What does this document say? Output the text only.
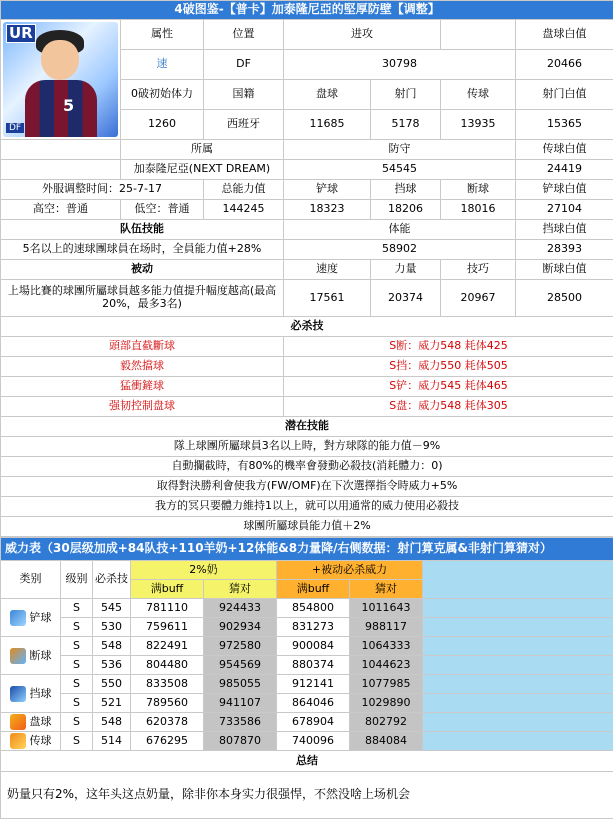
4破图鉴-【普卡】加泰隆尼亞的堅厚防壁【调整】						

5
UR
DF	属性	位置	进攻			盘球白值
	速	DF	30798			20466
	0破初始体力	国籍	盘球	射门	传球	射门白值
	1260	西班牙	11685	5178	13935	15365
	所属		防守			传球白值
	加泰隆尼亞(NEXT DREAM)		54545			24419
外服调整时间：25-7-17		总能力值	铲球	挡球	断球	铲球白值
高空：普通	低空：普通	144245	18323	18206	18016	27104
队伍技能			体能			挡球白值
5名以上的速球團球員在场时，全員能力值+28%			58902			28393
被动			速度	力量	技巧	断球白值
上場比賽的球團所屬球員越多能力值提升幅度越高(最高20%，最多3名)			17561	20374	20967	28500
必杀技						
頭部直截斷球			S断：威力548 耗体425			
毅然擋球			S挡：威力550 耗体505			
猛衝鏟球			S铲：威力545 耗体465			
强韧控制盘球			S盘：威力548 耗体305			
潜在技能						
隊上球團所屬球員3名以上時，對方球隊的能力值－9%						
自動攔截時，有80%的機率會發動必殺技(消耗體力：0)						
取得對決勝利會使我方(FW/OMF)在下次選擇指令時威力+5%						
我方的冥只要體力維持1以上，就可以用通常的威力使用必殺技						
球團所屬球員能力值＋2%						
威力表（30层级加成+84队技+110羊奶+12体能&8力量降/右侧数据：射门算克属&非射门算猜对）							
类别	级别	必杀技	2%奶		+被动必杀威力		
			满buff	猜对	满buff	猜对	
铲球	S	545	781110	924433	854800	1011643	
	S	530	759611	902934	831273	988117	
断球	S	548	822491	972580	900084	1064333	
	S	536	804480	954569	880374	1044623	
挡球	S	550	833508	985055	912141	1077985	
	S	521	789560	941107	864046	1029890	
盘球	S	548	620378	733586	678904	802792	
传球	S	514	676295	807870	740096	884084	
总结							
奶量只有2%，这年头这点奶量，除非你本身实力很强悍，不然没啥上场机会							
